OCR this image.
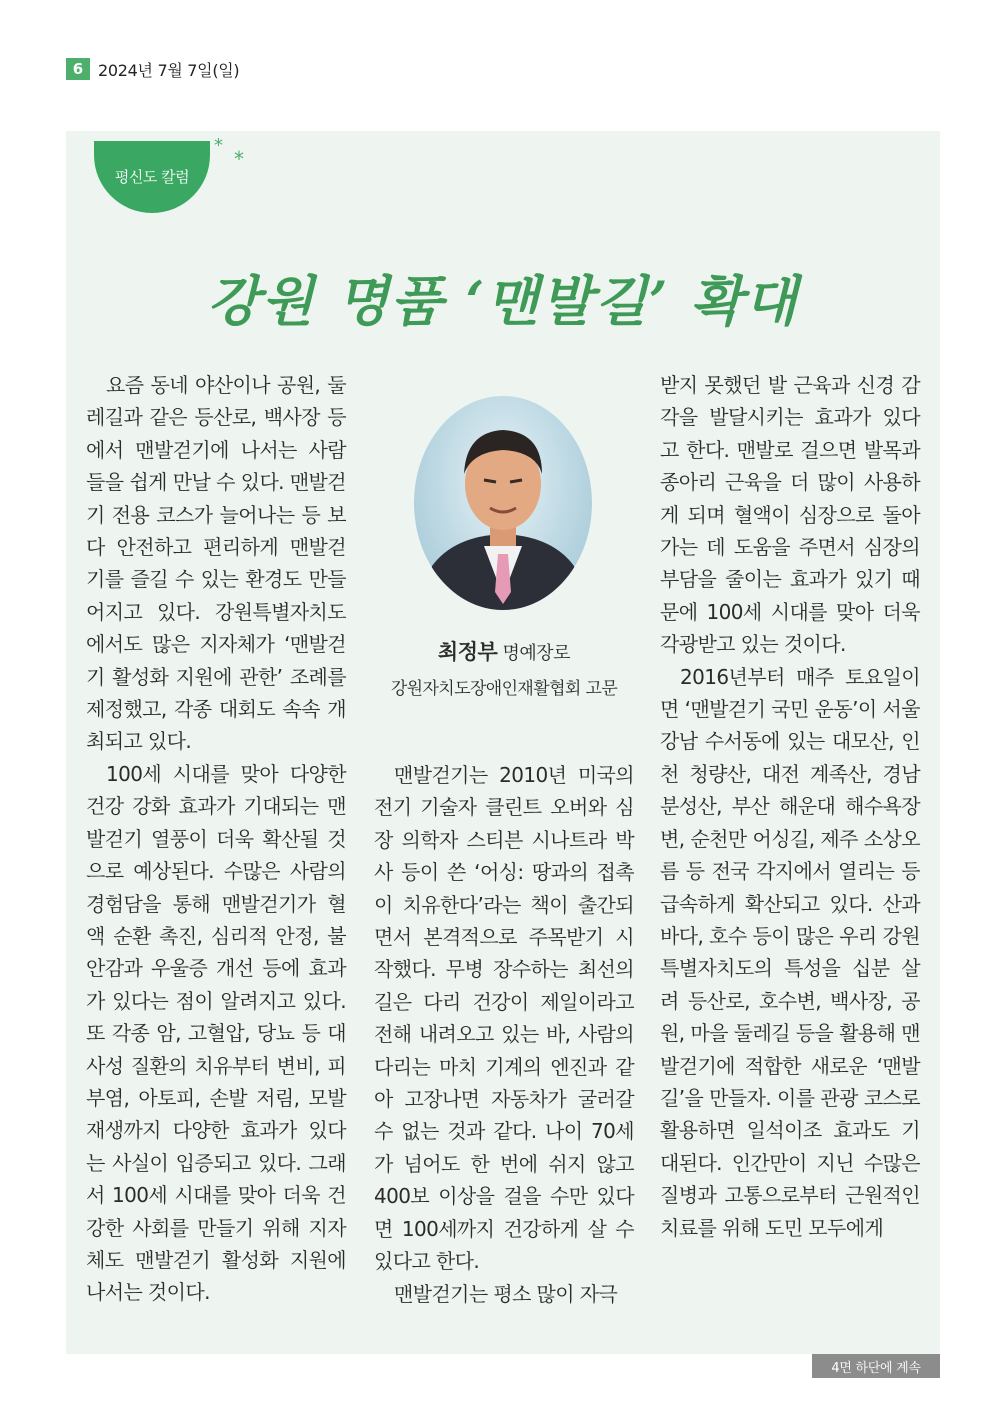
6 2024년 7월 7일(일)
평신도 칼럼
*
*
강원 명품 ‘맨발길’ 확대

요즘 동네 야산이나 공원, 둘레길과 같은 등산로, 백사장 등에서 맨발걷기에 나서는 사람들을 쉽게 만날 수 있다. 맨발걷기 전용 코스가 늘어나는 등 보다 안전하고 편리하게 맨발걷기를 즐길 수 있는 환경도 만들어지고 있다. 강원특별자치도에서도 많은 지자체가 ‘맨발걷기 활성화 지원에 관한’ 조례를 제정했고, 각종 대회도 속속 개최되고 있다.

100세 시대를 맞아 다양한 건강 강화 효과가 기대되는 맨발걷기 열풍이 더욱 확산될 것으로 예상된다. 수많은 사람의 경험담을 통해 맨발걷기가 혈액 순환 촉진, 심리적 안정, 불안감과 우울증 개선 등에 효과가 있다는 점이 알려지고 있다. 또 각종 암, 고혈압, 당뇨 등 대사성 질환의 치유부터 변비, 피부염, 아토피, 손발 저림, 모발 재생까지 다양한 효과가 있다는 사실이 입증되고 있다. 그래서 100세 시대를 맞아 더욱 건강한 사회를 만들기 위해 지자체도 맨발걷기 활성화 지원에 나서는 것이다.

최정부 명예장로
강원자치도장애인재활협회 고문

맨발걷기는 2010년 미국의 전기 기술자 클린트 오버와 심장 의학자 스티븐 시나트라 박사 등이 쓴 ‘어싱: 땅과의 접촉이 치유한다’라는 책이 출간되면서 본격적으로 주목받기 시작했다. 무병 장수하는 최선의 길은 다리 건강이 제일이라고 전해 내려오고 있는 바, 사람의 다리는 마치 기계의 엔진과 같아 고장나면 자동차가 굴러갈 수 없는 것과 같다. 나이 70세가 넘어도 한 번에 쉬지 않고 400보 이상을 걸을 수만 있다면 100세까지 건강하게 살 수 있다고 한다.

맨발걷기는 평소 많이 자극

받지 못했던 발 근육과 신경 감각을 발달시키는 효과가 있다고 한다. 맨발로 걸으면 발목과 종아리 근육을 더 많이 사용하게 되며 혈액이 심장으로 돌아가는 데 도움을 주면서 심장의 부담을 줄이는 효과가 있기 때문에 100세 시대를 맞아 더욱 각광받고 있는 것이다.

2016년부터 매주 토요일이면 ‘맨발걷기 국민 운동’이 서울 강남 수서동에 있는 대모산, 인천 청량산, 대전 계족산, 경남 분성산, 부산 해운대 해수욕장변, 순천만 어싱길, 제주 소상오름 등 전국 각지에서 열리는 등 급속하게 확산되고 있다. 산과 바다, 호수 등이 많은 우리 강원특별자치도의 특성을 십분 살려 등산로, 호수변, 백사장, 공원, 마을 둘레길 등을 활용해 맨발걷기에 적합한 새로운 ‘맨발 길’을 만들자. 이를 관광 코스로 활용하면 일석이조 효과도 기대된다. 인간만이 지닌 수많은 질병과 고통으로부터 근원적인 치료를 위해 도민 모두에게

4면 하단에 계속
